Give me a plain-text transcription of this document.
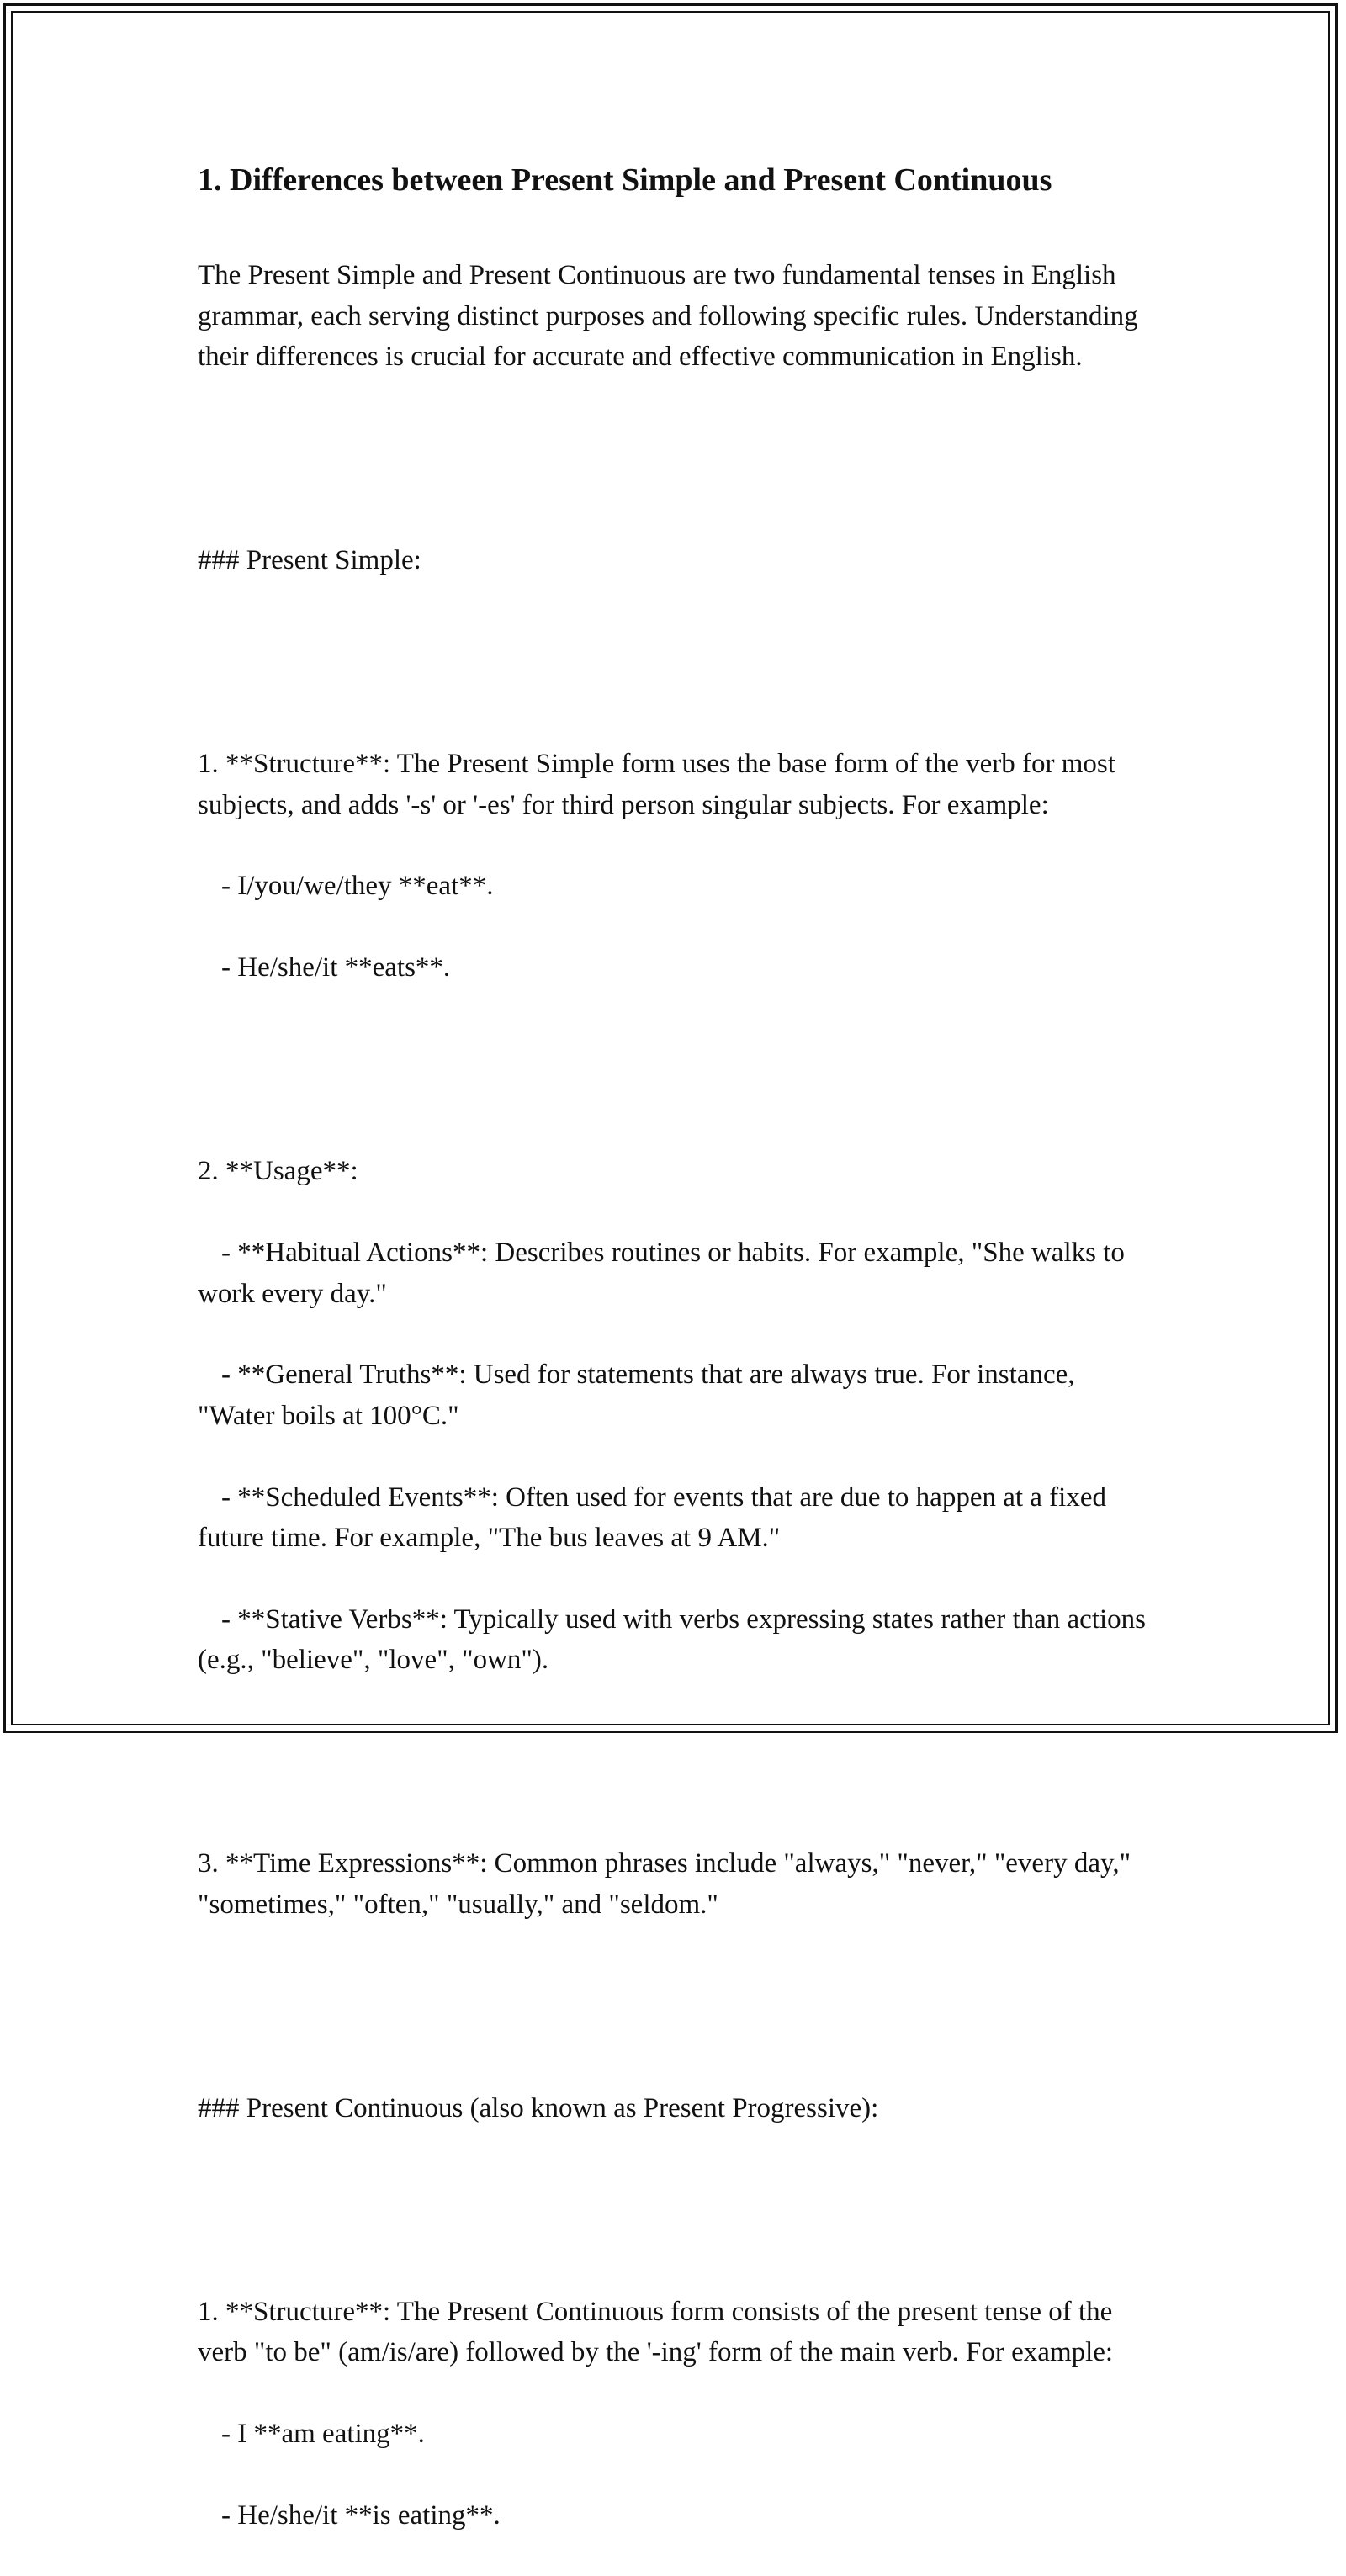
1. Differences between Present Simple and Present Continuous

The Present Simple and Present Continuous are two fundamental tenses in English grammar, each serving distinct purposes and following specific rules. Understanding their differences is crucial for accurate and effective communication in English.

### Present Simple:

1. **Structure**: The Present Simple form uses the base form of the verb for most subjects, and adds '-s' or '-es' for third person singular subjects. For example:

- I/you/we/they **eat**.

- He/she/it **eats**.

2. **Usage**:

- **Habitual Actions**: Describes routines or habits. For example, "She walks to work every day."

- **General Truths**: Used for statements that are always true. For instance, "Water boils at 100°C."

- **Scheduled Events**: Often used for events that are due to happen at a fixed future time. For example, "The bus leaves at 9 AM."

- **Stative Verbs**: Typically used with verbs expressing states rather than actions (e.g., "believe", "love", "own").

3. **Time Expressions**: Common phrases include "always," "never," "every day," "sometimes," "often," "usually," and "seldom."

### Present Continuous (also known as Present Progressive):

1. **Structure**: The Present Continuous form consists of the present tense of the verb "to be" (am/is/are) followed by the '-ing' form of the main verb. For example:

- I **am eating**.

- He/she/it **is eating**.
